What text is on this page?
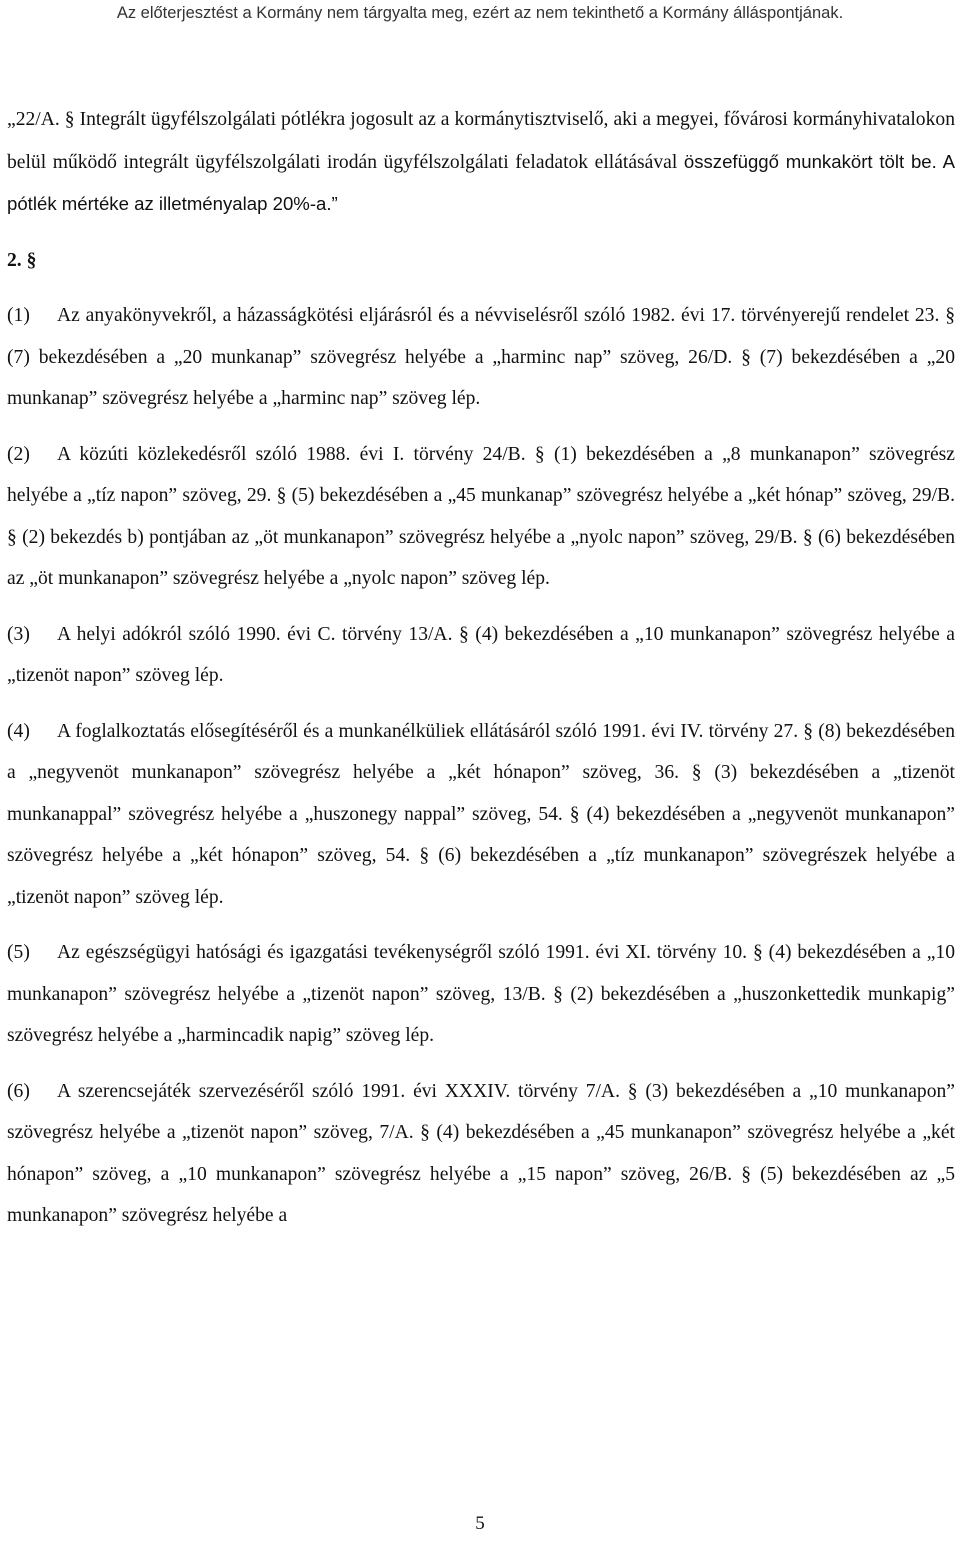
Az előterjesztést a Kormány nem tárgyalta meg, ezért az nem tekinthető a Kormány álláspontjának.

„22/A. § Integrált ügyfélszolgálati pótlékra jogosult az a kormánytisztviselő, aki a megyei, fővárosi kormányhivatalokon belül működő integrált ügyfélszolgálati irodán ügyfélszolgálati feladatok ellátásával összefüggő munkakört tölt be. A pótlék mértéke az illetményalap 20%-a.”

2. §

(1) Az anyakönyvekről, a házasságkötési eljárásról és a névviselésről szóló 1982. évi 17. törvényerejű rendelet 23. § (7) bekezdésében a „20 munkanap” szövegrész helyébe a „harminc nap” szöveg, 26/D. § (7) bekezdésében a „20 munkanap” szövegrész helyébe a „harminc nap” szöveg lép.

(2) A közúti közlekedésről szóló 1988. évi I. törvény 24/B. § (1) bekezdésében a „8 munkanapon” szövegrész helyébe a „tíz napon” szöveg, 29. § (5) bekezdésében a „45 munkanap” szövegrész helyébe a „két hónap” szöveg, 29/B. § (2) bekezdés b) pontjában az „öt munkanapon” szövegrész helyébe a „nyolc napon” szöveg, 29/B. § (6) bekezdésében az „öt munkanapon” szövegrész helyébe a „nyolc napon” szöveg lép.

(3) A helyi adókról szóló 1990. évi C. törvény 13/A. § (4) bekezdésében a „10 munkanapon” szövegrész helyébe a „tizenöt napon” szöveg lép.

(4) A foglalkoztatás elősegítéséről és a munkanélküliek ellátásáról szóló 1991. évi IV. törvény 27. § (8) bekezdésében a „negyvenöt munkanapon” szövegrész helyébe a „két hónapon” szöveg, 36. § (3) bekezdésében a „tizenöt munkanappal” szövegrész helyébe a „huszonegy nappal” szöveg, 54. § (4) bekezdésében a „negyvenöt munkanapon” szövegrész helyébe a „két hónapon” szöveg, 54. § (6) bekezdésében a „tíz munkanapon” szövegrészek helyébe a „tizenöt napon” szöveg lép.

(5) Az egészségügyi hatósági és igazgatási tevékenységről szóló 1991. évi XI. törvény 10. § (4) bekezdésében a „10 munkanapon” szövegrész helyébe a „tizenöt napon” szöveg, 13/B. § (2) bekezdésében a „huszonkettedik munkapig” szövegrész helyébe a „harmincadik napig” szöveg lép.

(6) A szerencsejáték szervezéséről szóló 1991. évi XXXIV. törvény 7/A. § (3) bekezdésében a „10 munkanapon” szövegrész helyébe a „tizenöt napon” szöveg, 7/A. § (4) bekezdésében a „45 munkanapon” szövegrész helyébe a „két hónapon” szöveg, a „10 munkanapon” szövegrész helyébe a „15 napon” szöveg, 26/B. § (5) bekezdésében az „5 munkanapon” szövegrész helyébe a

5
